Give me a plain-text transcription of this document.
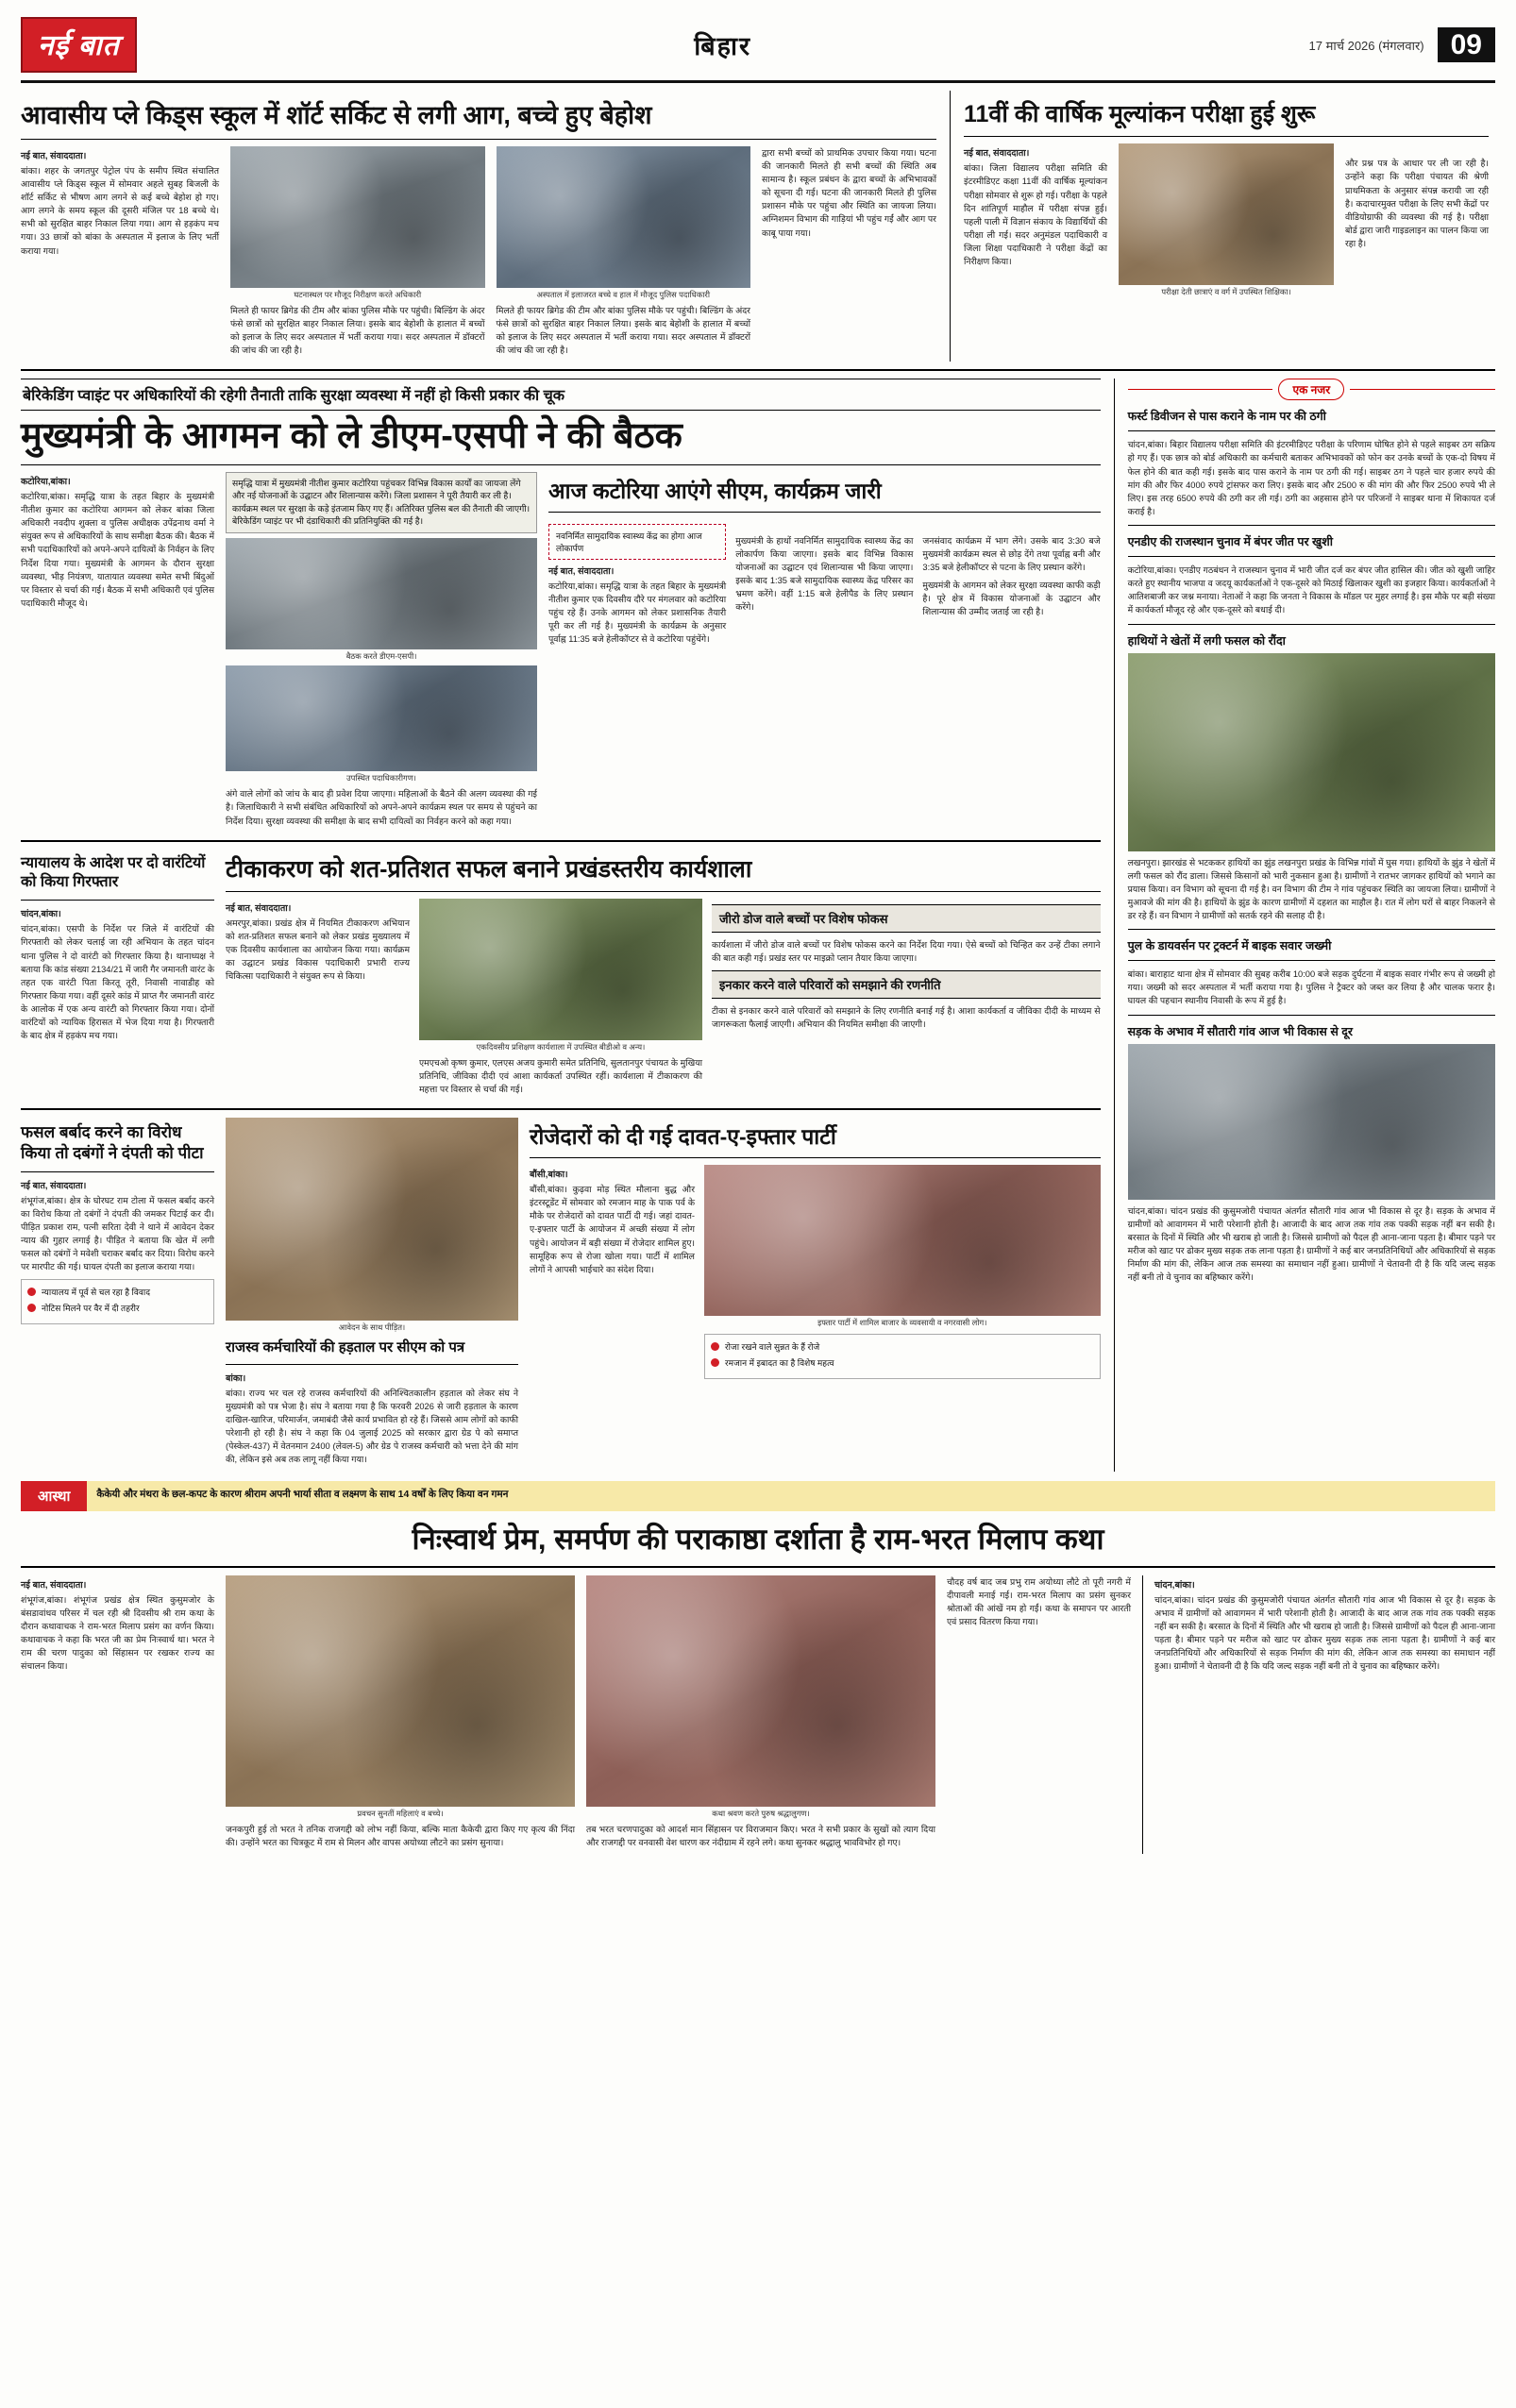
नई बात	बिहार	17 मार्च 2026 (मंगलवार) 09
आवासीय प्ले किड्स स्कूल में शॉर्ट सर्किट से लगी आग, बच्चे हुए बेहोश
नई बात, संवाददाता।

बांका। शहर के जगतपुर पेट्रोल पंप के समीप स्थित संचालित आवासीय प्ले किड्स स्कूल में सोमवार अहले सुबह बिजली के शॉर्ट सर्किट से भीषण आग लगने से कई बच्चे बेहोश हो गए। आग लगने के समय स्कूल की दूसरी मंजिल पर 18 बच्चे थे। सभी को सुरक्षित बाहर निकाल लिया गया। आग से हड़कंप मच गया। 33 छात्रों को बांका के अस्पताल में इलाज के लिए भर्ती कराया गया।

घटनास्थल पर मौजूद निरीक्षण करते अधिकारी

मिलते ही फायर ब्रिगेड की टीम और बांका पुलिस मौके पर पहुंची। बिल्डिंग के अंदर फंसे छात्रों को सुरक्षित बाहर निकाल लिया। इसके बाद बेहोशी के हालात में बच्चों को इलाज के लिए सदर अस्पताल में भर्ती कराया गया। सदर अस्पताल में डॉक्टरों की जांच की जा रही है।

अस्पताल में इलाजरत बच्चे व हाल में मौजूद पुलिस पदाधिकारी

मिलते ही फायर ब्रिगेड की टीम और बांका पुलिस मौके पर पहुंची। बिल्डिंग के अंदर फंसे छात्रों को सुरक्षित बाहर निकाल लिया। इसके बाद बेहोशी के हालात में बच्चों को इलाज के लिए सदर अस्पताल में भर्ती कराया गया। सदर अस्पताल में डॉक्टरों की जांच की जा रही है।

द्वारा सभी बच्चों को प्राथमिक उपचार किया गया। घटना की जानकारी मिलते ही सभी बच्चों की स्थिति अब सामान्य है। स्कूल प्रबंधन के द्वारा बच्चों के अभिभावकों को सूचना दी गई। घटना की जानकारी मिलते ही पुलिस प्रशासन मौके पर पहुंचा और स्थिति का जायजा लिया। अग्निशमन विभाग की गाड़ियां भी पहुंच गईं और आग पर काबू पाया गया।

11वीं की वार्षिक मूल्यांकन परीक्षा हुई शुरू
नई बात, संवाददाता।

बांका। जिला विद्यालय परीक्षा समिति की इंटरमीडिएट कक्षा 11वीं की वार्षिक मूल्यांकन परीक्षा सोमवार से शुरू हो गई। परीक्षा के पहले दिन शांतिपूर्ण माहौल में परीक्षा संपन्न हुई। पहली पाली में विज्ञान संकाय के विद्यार्थियों की परीक्षा ली गई। सदर अनुमंडल पदाधिकारी व जिला शिक्षा पदाधिकारी ने परीक्षा केंद्रों का निरीक्षण किया।

परीक्षा देती छात्राएं व वर्ग में उपस्थित शिक्षिका।

और प्रश्न पत्र के आधार पर ली जा रही है। उन्होंने कहा कि परीक्षा पंचायत की श्रेणी प्राथमिकता के अनुसार संपन्न करायी जा रही है। कदाचारमुक्त परीक्षा के लिए सभी केंद्रों पर वीडियोग्राफी की व्यवस्था की गई है। परीक्षा बोर्ड द्वारा जारी गाइडलाइन का पालन किया जा रहा है।

बेरिकेडिंग प्वाइंट पर अधिकारियों की रहेगी तैनाती ताकि सुरक्षा व्यवस्था में नहीं हो किसी प्रकार की चूक
मुख्यमंत्री के आगमन को ले डीएम-एसपी ने की बैठक
कटोरिया,बांका।

कटोरिया,बांका। समृद्धि यात्रा के तहत बिहार के मुख्यमंत्री नीतीश कुमार का कटोरिया आगमन को लेकर बांका जिला अधिकारी नवदीप शुक्ला व पुलिस अधीक्षक उपेंद्रनाथ वर्मा ने संयुक्त रूप से अधिकारियों के साथ समीक्षा बैठक की। बैठक में सभी पदाधिकारियों को अपने-अपने दायित्वों के निर्वहन के लिए निर्देश दिया गया। मुख्यमंत्री के आगमन के दौरान सुरक्षा व्यवस्था, भीड़ नियंत्रण, यातायात व्यवस्था समेत सभी बिंदुओं पर विस्तार से चर्चा की गई। बैठक में सभी अधिकारी एवं पुलिस पदाधिकारी मौजूद थे।

समृद्धि यात्रा में मुख्यमंत्री नीतीश कुमार कटोरिया पहुंचकर विभिन्न विकास कार्यों का जायजा लेंगे और नई योजनाओं के उद्घाटन और शिलान्यास करेंगे। जिला प्रशासन ने पूरी तैयारी कर ली है। कार्यक्रम स्थल पर सुरक्षा के कड़े इंतजाम किए गए हैं। अतिरिक्त पुलिस बल की तैनाती की जाएगी। बेरिकेडिंग प्वाइंट पर भी दंडाधिकारी की प्रतिनियुक्ति की गई है।
बैठक करते डीएम-एसपी।
उपस्थित पदाधिकारीगण।

अंगे वाले लोगों को जांच के बाद ही प्रवेश दिया जाएगा। महिलाओं के बैठने की अलग व्यवस्था की गई है। जिलाधिकारी ने सभी संबंधित अधिकारियों को अपने-अपने कार्यक्रम स्थल पर समय से पहुंचने का निर्देश दिया। सुरक्षा व्यवस्था की समीक्षा के बाद सभी दायित्वों का निर्वहन करने को कहा गया।

आज कटोरिया आएंगे सीएम, कार्यक्रम जारी
नवनिर्मित सामुदायिक स्वास्थ्य केंद्र का होगा आज लोकार्पण
नई बात, संवाददाता।

कटोरिया,बांका। समृद्धि यात्रा के तहत बिहार के मुख्यमंत्री नीतीश कुमार एक दिवसीय दौरे पर मंगलवार को कटोरिया पहुंच रहे हैं। उनके आगमन को लेकर प्रशासनिक तैयारी पूरी कर ली गई है। मुख्यमंत्री के कार्यक्रम के अनुसार पूर्वाह्न 11:35 बजे हेलीकॉप्टर से वे कटोरिया पहुंचेंगे।

मुख्यमंत्री के हाथों नवनिर्मित सामुदायिक स्वास्थ्य केंद्र का लोकार्पण किया जाएगा। इसके बाद विभिन्न विकास योजनाओं का उद्घाटन एवं शिलान्यास भी किया जाएगा। इसके बाद 1:35 बजे सामुदायिक स्वास्थ्य केंद्र परिसर का भ्रमण करेंगे। वहीं 1:15 बजे हेलीपैड के लिए प्रस्थान करेंगे।

जनसंवाद कार्यक्रम में भाग लेंगे। उसके बाद 3:30 बजे मुख्यमंत्री कार्यक्रम स्थल से छोड़ देंगे तथा पूर्वाह्न बनी और 3:35 बजे हेलीकॉप्टर से पटना के लिए प्रस्थान करेंगे।

मुख्यमंत्री के आगमन को लेकर सुरक्षा व्यवस्था काफी कड़ी है। पूरे क्षेत्र में विकास योजनाओं के उद्घाटन और शिलान्यास की उम्मीद जताई जा रही है।

न्यायालय के आदेश पर दो वारंटियों को किया गिरफ्तार
चांदन,बांका।

चांदन,बांका। एसपी के निर्देश पर जिले में वारंटियों की गिरफ्तारी को लेकर चलाई जा रही अभियान के तहत चांदन थाना पुलिस ने दो वारंटी को गिरफ्तार किया है। थानाध्यक्ष ने बताया कि कांड संख्या 2134/21 में जारी गैर जमानती वारंट के तहत एक वारंटी पिता किरतू तूरी, निवासी नावाडीह को गिरफ्तार किया गया। वहीं दूसरे कांड में प्राप्त गैर जमानती वारंट के आलोक में एक अन्य वारंटी को गिरफ्तार किया गया। दोनों वारंटियों को न्यायिक हिरासत में भेज दिया गया है। गिरफ्तारी के बाद क्षेत्र में हड़कंप मच गया।

टीकाकरण को शत-प्रतिशत सफल बनाने प्रखंडस्तरीय कार्यशाला
नई बात, संवाददाता।

अमरपुर,बांका। प्रखंड क्षेत्र में नियमित टीकाकरण अभियान को शत-प्रतिशत सफल बनाने को लेकर प्रखंड मुख्यालय में एक दिवसीय कार्यशाला का आयोजन किया गया। कार्यक्रम का उद्घाटन प्रखंड विकास पदाधिकारी प्रभारी राज्य चिकित्सा पदाधिकारी ने संयुक्त रूप से किया।

एकदिवसीय प्रशिक्षण कार्यशाला में उपस्थित बीडीओ व अन्य।

एमएचओ कृष्ण कुमार, एलएस अजय कुमारी समेत प्रतिनिधि, सुलतानपुर पंचायत के मुखिया प्रतिनिधि, जीविका दीदी एवं आशा कार्यकर्ता उपस्थित रहीं। कार्यशाला में टीकाकरण की महत्ता पर विस्तार से चर्चा की गई।

जीरो डोज वाले बच्चों पर विशेष फोकस

कार्यशाला में जीरो डोज वाले बच्चों पर विशेष फोकस करने का निर्देश दिया गया। ऐसे बच्चों को चिन्हित कर उन्हें टीका लगाने की बात कही गई। प्रखंड स्तर पर माइक्रो प्लान तैयार किया जाएगा।

इनकार करने वाले परिवारों को समझाने की रणनीति

टीका से इनकार करने वाले परिवारों को समझाने के लिए रणनीति बनाई गई है। आशा कार्यकर्ता व जीविका दीदी के माध्यम से जागरूकता फैलाई जाएगी। अभियान की नियमित समीक्षा की जाएगी।

फसल बर्बाद करने का विरोध किया तो दबंगों ने दंपती को पीटा
नई बात, संवाददाता।

शंभूगंज,बांका। क्षेत्र के घोरघट राम टोला में फसल बर्बाद करने का विरोध किया तो दबंगों ने दंपती की जमकर पिटाई कर दी। पीड़ित प्रकाश राम, पत्नी सरिता देवी ने थाने में आवेदन देकर न्याय की गुहार लगाई है। पीड़ित ने बताया कि खेत में लगी फसल को दबंगों ने मवेशी चराकर बर्बाद कर दिया। विरोध करने पर मारपीट की गई। घायल दंपती का इलाज कराया गया।

न्यायालय में पूर्व से चल रहा है विवाद
नोटिस मिलने पर वैर में दी तहरीर
आवेदन के साथ पीड़ित।
राजस्व कर्मचारियों की हड़ताल पर सीएम को पत्र
बांका।

बांका। राज्य भर चल रहे राजस्व कर्मचारियों की अनिश्चितकालीन हड़ताल को लेकर संघ ने मुख्यमंत्री को पत्र भेजा है। संघ ने बताया गया है कि फरवरी 2026 से जारी हड़ताल के कारण दाखिल-खारिज, परिमार्जन, जमाबंदी जैसे कार्य प्रभावित हो रहे हैं। जिससे आम लोगों को काफी परेशानी हो रही है। संघ ने कहा कि 04 जुलाई 2025 को सरकार द्वारा ग्रेड पे को समाप्त (पेस्केल-437) में वेतनमान 2400 (लेवल-5) और ग्रेड पे राजस्व कर्मचारी को भत्ता देने की मांग की, लेकिन इसे अब तक लागू नहीं किया गया।

रोजेदारों को दी गई दावत-ए-इफ्तार पार्टी
बौंसी,बांका।

बौंसी,बांका। कुढ़वा मोड़ स्थित मौलाना बुद्ध और इंटरस्टूडेंट में सोमवार को रमजान माह के पाक पर्व के मौके पर रोजेदारों को दावत पार्टी दी गई। जहां दावत-ए-इफ्तार पार्टी के आयोजन में अच्छी संख्या में लोग पहुंचे। आयोजन में बड़ी संख्या में रोजेदार शामिल हुए। सामूहिक रूप से रोजा खोला गया। पार्टी में शामिल लोगों ने आपसी भाईचारे का संदेश दिया।

इफ्तार पार्टी में शामिल बाजार के व्यवसायी व नगरवासी लोग।
रोजा रखने वाले सुन्नत के हैं रोजे
रमजान में इबादत का है विशेष महत्व
एक नजर
फर्स्ट डिवीजन से पास कराने के नाम पर की ठगी

चांदन,बांका। बिहार विद्यालय परीक्षा समिति की इंटरमीडिएट परीक्षा के परिणाम घोषित होने से पहले साइबर ठग सक्रिय हो गए हैं। एक छात्र को बोर्ड अधिकारी का कर्मचारी बताकर अभिभावकों को फोन कर उनके बच्चों के एक-दो विषय में फेल होने की बात कही गई। इसके बाद पास कराने के नाम पर ठगी की गई। साइबर ठग ने पहले चार हजार रुपये की मांग की और फिर 4000 रुपये ट्रांसफर करा लिए। इसके बाद और 2500 रु की मांग की और फिर 2500 रुपये भी ले लिए। इस तरह 6500 रुपये की ठगी कर ली गई। ठगी का अहसास होने पर परिजनों ने साइबर थाना में शिकायत दर्ज कराई है।

एनडीए की राजस्थान चुनाव में बंपर जीत पर खुशी

कटोरिया,बांका। एनडीए गठबंधन ने राजस्थान चुनाव में भारी जीत दर्ज कर बंपर जीत हासिल की। जीत को खुशी जाहिर करते हुए स्थानीय भाजपा व जदयू कार्यकर्ताओं ने एक-दूसरे को मिठाई खिलाकर खुशी का इजहार किया। कार्यकर्ताओं ने आतिशबाजी कर जश्न मनाया। नेताओं ने कहा कि जनता ने विकास के मॉडल पर मुहर लगाई है। इस मौके पर बड़ी संख्या में कार्यकर्ता मौजूद रहे और एक-दूसरे को बधाई दी।

हाथियों ने खेतों में लगी फसल को रौंदा

लखनपुरा। झारखंड से भटककर हाथियों का झुंड लखनपुरा प्रखंड के विभिन्न गांवों में घुस गया। हाथियों के झुंड ने खेतों में लगी फसल को रौंद डाला। जिससे किसानों को भारी नुकसान हुआ है। ग्रामीणों ने रातभर जागकर हाथियों को भगाने का प्रयास किया। वन विभाग को सूचना दी गई है। वन विभाग की टीम ने गांव पहुंचकर स्थिति का जायजा लिया। ग्रामीणों ने मुआवजे की मांग की है। हाथियों के झुंड के कारण ग्रामीणों में दहशत का माहौल है। रात में लोग घरों से बाहर निकलने से डर रहे हैं। वन विभाग ने ग्रामीणों को सतर्क रहने की सलाह दी है।

पुल के डायवर्सन पर ट्रक्टर्न में बाइक सवार जख्मी

बांका। बाराहाट थाना क्षेत्र में सोमवार की सुबह करीब 10:00 बजे सड़क दुर्घटना में बाइक सवार गंभीर रूप से जख्मी हो गया। जख्मी को सदर अस्पताल में भर्ती कराया गया है। पुलिस ने ट्रैक्टर को जब्त कर लिया है और चालक फरार है। घायल की पहचान स्थानीय निवासी के रूप में हुई है।

सड़क के अभाव में सौतारी गांव आज भी विकास से दूर

चांदन,बांका। चांदन प्रखंड की कुसुमजोरी पंचायत अंतर्गत सौतारी गांव आज भी विकास से दूर है। सड़क के अभाव में ग्रामीणों को आवागमन में भारी परेशानी होती है। आजादी के बाद आज तक गांव तक पक्की सड़क नहीं बन सकी है। बरसात के दिनों में स्थिति और भी खराब हो जाती है। जिससे ग्रामीणों को पैदल ही आना-जाना पड़ता है। बीमार पड़ने पर मरीज को खाट पर ढोकर मुख्य सड़क तक लाना पड़ता है। ग्रामीणों ने कई बार जनप्रतिनिधियों और अधिकारियों से सड़क निर्माण की मांग की, लेकिन आज तक समस्या का समाधान नहीं हुआ। ग्रामीणों ने चेतावनी दी है कि यदि जल्द सड़क नहीं बनी तो वे चुनाव का बहिष्कार करेंगे।

आस्था	कैकेयी और मंथरा के छल-कपट के कारण श्रीराम अपनी भार्या सीता व लक्ष्मण के साथ 14 वर्षों के लिए किया वन गमन
निःस्वार्थ प्रेम, समर्पण की पराकाष्ठा दर्शाता है राम-भरत मिलाप कथा
नई बात, संवाददाता।

शंभूगंज,बांका। शंभूगंज प्रखंड क्षेत्र स्थित कुसुमजोर के बंसडावांधव परिसर में चल रही श्री दिवसीय श्री राम कथा के दौरान कथावाचक ने राम-भरत मिलाप प्रसंग का वर्णन किया। कथावाचक ने कहा कि भरत जी का प्रेम निःस्वार्थ था। भरत ने राम की चरण पादुका को सिंहासन पर रखकर राज्य का संचालन किया।

प्रवचन सुनतीं महिलाएं व बच्चे।

जनकपुरी हुई तो भरत ने तनिक राजगद्दी को लोभ नहीं किया, बल्कि माता कैकेयी द्वारा किए गए कृत्य की निंदा की। उन्होंने भरत का चित्रकूट में राम से मिलन और वापस अयोध्या लौटने का प्रसंग सुनाया।

कथा श्रवण करते पुरुष श्रद्धालुगण।

तब भरत चरणपादुका को आदर्श मान सिंहासन पर विराजमान किए। भरत ने सभी प्रकार के सुखों को त्याग दिया और राजगद्दी पर वनवासी वेश धारण कर नंदीग्राम में रहने लगे। कथा सुनकर श्रद्धालु भावविभोर हो गए।

चौदह वर्ष बाद जब प्रभु राम अयोध्या लौटे तो पूरी नगरी में दीपावली मनाई गई। राम-भरत मिलाप का प्रसंग सुनकर श्रोताओं की आंखें नम हो गईं। कथा के समापन पर आरती एवं प्रसाद वितरण किया गया।

चांदन,बांका।

चांदन,बांका। चांदन प्रखंड की कुसुमजोरी पंचायत अंतर्गत सौतारी गांव आज भी विकास से दूर है। सड़क के अभाव में ग्रामीणों को आवागमन में भारी परेशानी होती है। आजादी के बाद आज तक गांव तक पक्की सड़क नहीं बन सकी है। बरसात के दिनों में स्थिति और भी खराब हो जाती है। जिससे ग्रामीणों को पैदल ही आना-जाना पड़ता है। बीमार पड़ने पर मरीज को खाट पर ढोकर मुख्य सड़क तक लाना पड़ता है। ग्रामीणों ने कई बार जनप्रतिनिधियों और अधिकारियों से सड़क निर्माण की मांग की, लेकिन आज तक समस्या का समाधान नहीं हुआ। ग्रामीणों ने चेतावनी दी है कि यदि जल्द सड़क नहीं बनी तो वे चुनाव का बहिष्कार करेंगे।
